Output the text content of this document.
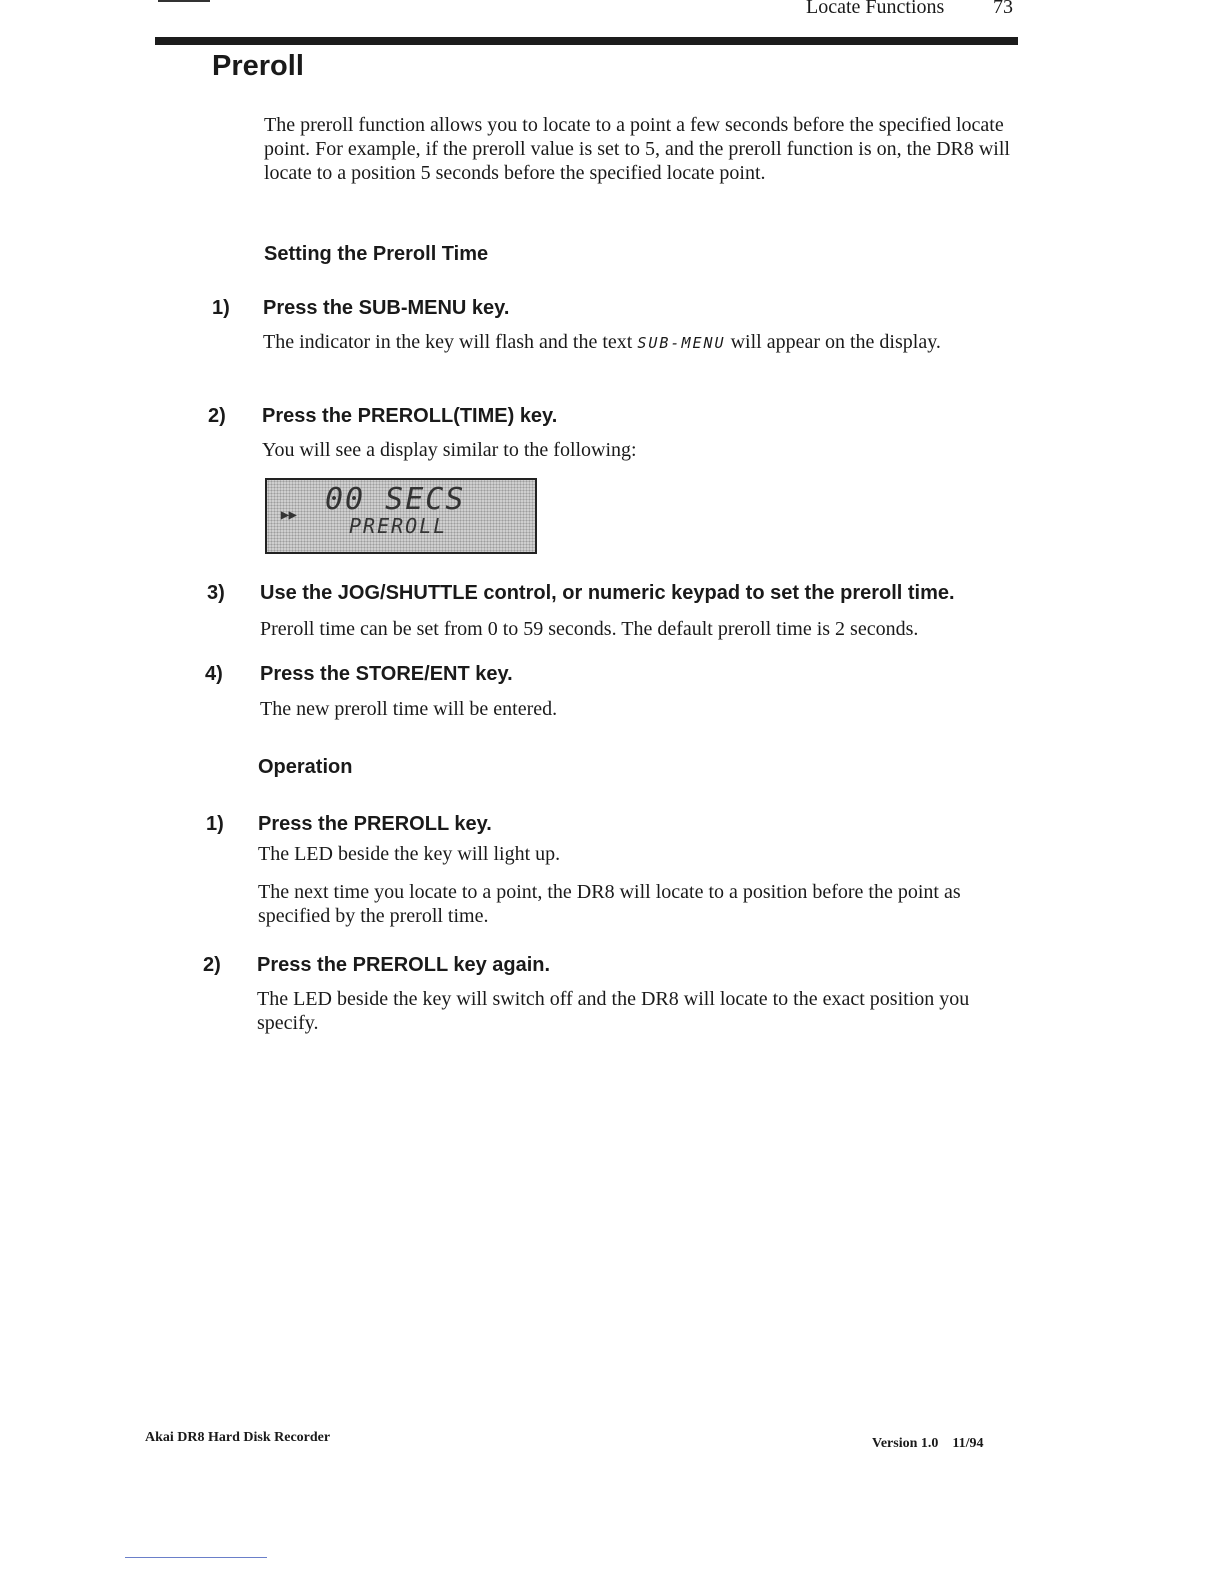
Locate Functions 73
Preroll
The preroll function allows you to locate to a point a few seconds before the specified locate point. For example, if the preroll value is set to 5, and the preroll function is on, the DR8 will locate to a position 5 seconds before the specified locate point.
Setting the Preroll Time
1) Press the SUB-MENU key.
The indicator in the key will flash and the text SUB-MENU will appear on the display.
2) Press the PREROLL(TIME) key.
You will see a display similar to the following:
▶▶ 00 SECS
PREROLL
3) Use the JOG/SHUTTLE control, or numeric keypad to set the preroll time.
Preroll time can be set from 0 to 59 seconds. The default preroll time is 2 seconds.
4) Press the STORE/ENT key.
The new preroll time will be entered.
Operation
1) Press the PREROLL key.
The LED beside the key will light up.
The next time you locate to a point, the DR8 will locate to a position before the point as specified by the preroll time.
2) Press the PREROLL key again.
The LED beside the key will switch off and the DR8 will locate to the exact position you specify.
Akai DR8 Hard Disk Recorder	Version 1.0 11/94
